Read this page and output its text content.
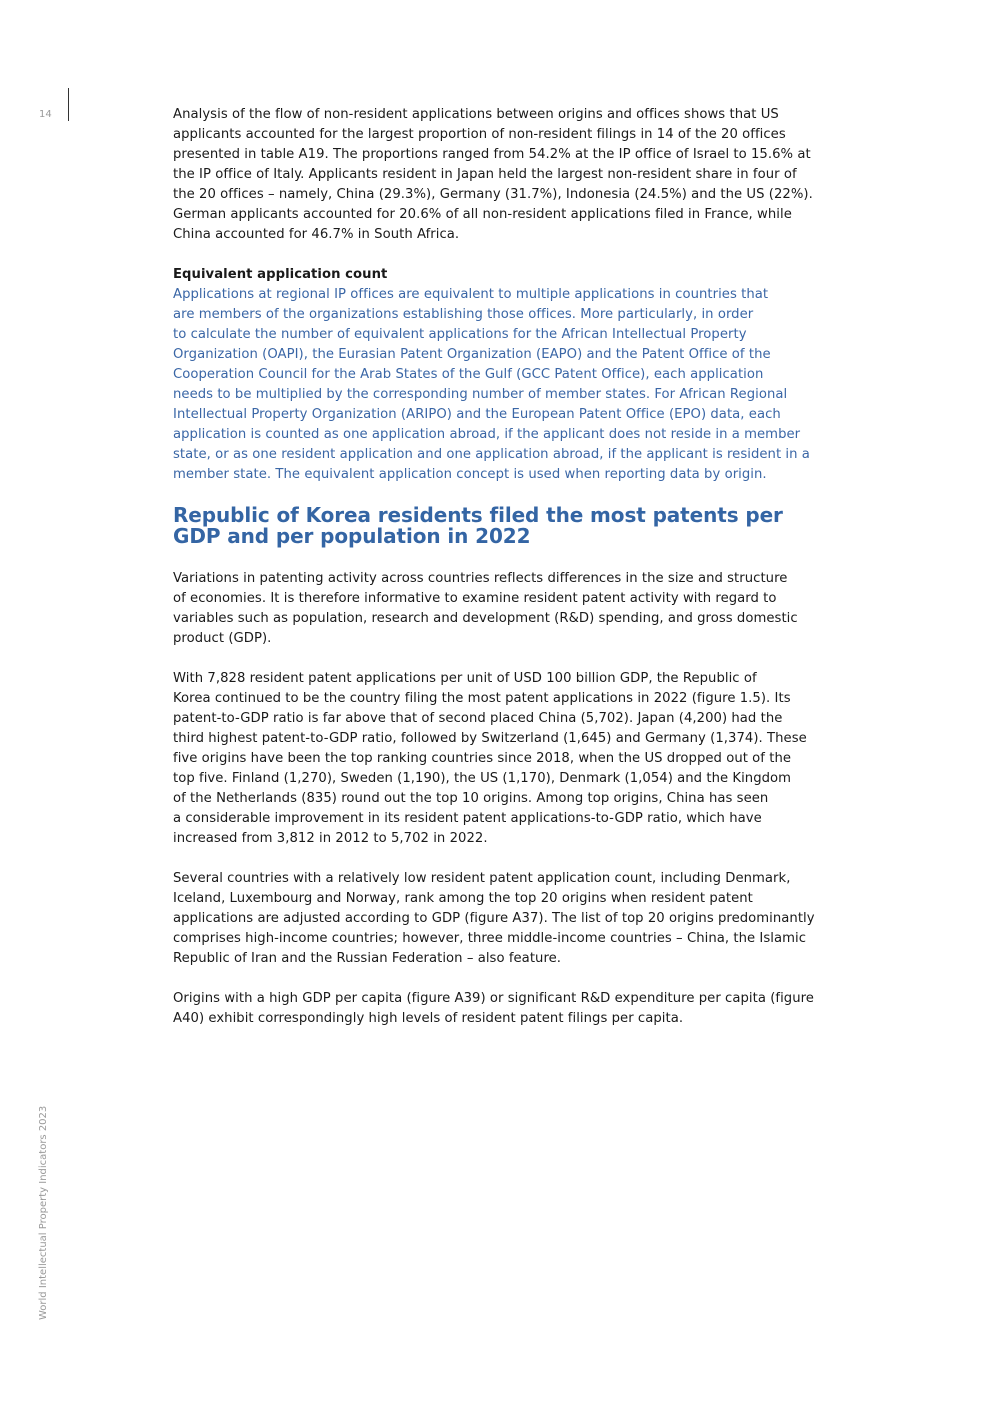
14
World Intellectual Property Indicators 2023

Analysis of the flow of non-resident applications between origins and offices shows that US
applicants accounted for the largest proportion of non-resident filings in 14 of the 20 offices
presented in table A19. The proportions ranged from 54.2% at the IP office of Israel to 15.6% at
the IP office of Italy. Applicants resident in Japan held the largest non-resident share in four of
the 20 offices – namely, China (29.3%), Germany (31.7%), Indonesia (24.5%) and the US (22%).
German applicants accounted for 20.6% of all non-resident applications filed in France, while
China accounted for 46.7% in South Africa.

Equivalent application count

Applications at regional IP offices are equivalent to multiple applications in countries that
are members of the organizations establishing those offices. More particularly, in order
to calculate the number of equivalent applications for the African Intellectual Property
Organization (OAPI), the Eurasian Patent Organization (EAPO) and the Patent Office of the
Cooperation Council for the Arab States of the Gulf (GCC Patent Office), each application
needs to be multiplied by the corresponding number of member states. For African Regional
Intellectual Property Organization (ARIPO) and the European Patent Office (EPO) data, each
application is counted as one application abroad, if the applicant does not reside in a member
state, or as one resident application and one application abroad, if the applicant is resident in a
member state. The equivalent application concept is used when reporting data by origin.

Republic of Korea residents filed the most patents per GDP and per population in 2022

Variations in patenting activity across countries reflects differences in the size and structure
of economies. It is therefore informative to examine resident patent activity with regard to
variables such as population, research and development (R&D) spending, and gross domestic
product (GDP).

With 7,828 resident patent applications per unit of USD 100 billion GDP, the Republic of
Korea continued to be the country filing the most patent applications in 2022 (figure 1.5). Its
patent-to-GDP ratio is far above that of second placed China (5,702). Japan (4,200) had the
third highest patent-to-GDP ratio, followed by Switzerland (1,645) and Germany (1,374). These
five origins have been the top ranking countries since 2018, when the US dropped out of the
top five. Finland (1,270), Sweden (1,190), the US (1,170), Denmark (1,054) and the Kingdom
of the Netherlands (835) round out the top 10 origins. Among top origins, China has seen
a considerable improvement in its resident patent applications-to-GDP ratio, which have
increased from 3,812 in 2012 to 5,702 in 2022.

Several countries with a relatively low resident patent application count, including Denmark,
Iceland, Luxembourg and Norway, rank among the top 20 origins when resident patent
applications are adjusted according to GDP (figure A37). The list of top 20 origins predominantly
comprises high-income countries; however, three middle-income countries – China, the Islamic
Republic of Iran and the Russian Federation – also feature.

Origins with a high GDP per capita (figure A39) or significant R&D expenditure per capita (figure
A40) exhibit correspondingly high levels of resident patent filings per capita.
